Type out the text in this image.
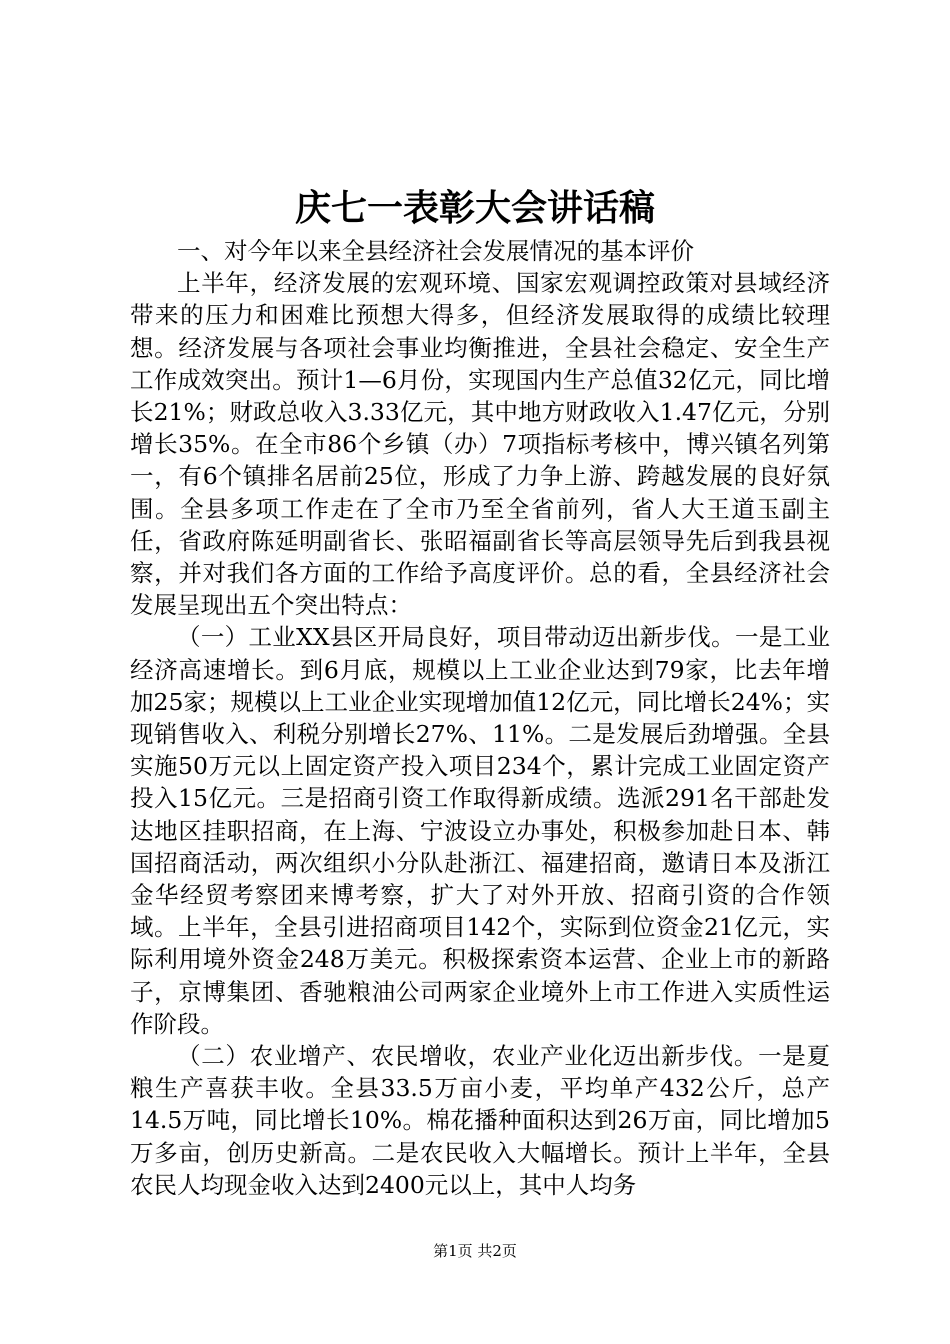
庆七一表彰大会讲话稿

一、对今年以来全县经济社会发展情况的基本评价

上半年，经济发展的宏观环境、国家宏观调控政策对县域经济带来的压力和困难比预想大得多，但经济发展取得的成绩比较理想。经济发展与各项社会事业均衡推进，全县社会稳定、安全生产工作成效突出。预计1—6月份，实现国内生产总值32亿元，同比增长21%；财政总收入3.33亿元，其中地方财政收入1.47亿元，分别增长35%。在全市86个乡镇（办）7项指标考核中，博兴镇名列第一，有6个镇排名居前25位，形成了力争上游、跨越发展的良好氛围。全县多项工作走在了全市乃至全省前列，省人大王道玉副主任，省政府陈延明副省长、张昭福副省长等高层领导先后到我县视察，并对我们各方面的工作给予高度评价。总的看，全县经济社会发展呈现出五个突出特点：

（一）工业XX县区开局良好，项目带动迈出新步伐。一是工业经济高速增长。到6月底，规模以上工业企业达到79家，比去年增加25家；规模以上工业企业实现增加值12亿元，同比增长24%；实现销售收入、利税分别增长27%、11%。二是发展后劲增强。全县实施50万元以上固定资产投入项目234个，累计完成工业固定资产投入15亿元。三是招商引资工作取得新成绩。选派291名干部赴发达地区挂职招商，在上海、宁波设立办事处，积极参加赴日本、韩国招商活动，两次组织小分队赴浙江、福建招商，邀请日本及浙江金华经贸考察团来博考察，扩大了对外开放、招商引资的合作领域。上半年，全县引进招商项目142个，实际到位资金21亿元，实际利用境外资金248万美元。积极探索资本运营、企业上市的新路子，京博集团、香驰粮油公司两家企业境外上市工作进入实质性运作阶段。

（二）农业增产、农民增收，农业产业化迈出新步伐。一是夏粮生产喜获丰收。全县33.5万亩小麦，平均单产432公斤，总产14.5万吨，同比增长10%。棉花播种面积达到26万亩，同比增加5万多亩，创历史新高。二是农民收入大幅增长。预计上半年，全县农民人均现金收入达到2400元以上，其中人均务

第1页 共2页
